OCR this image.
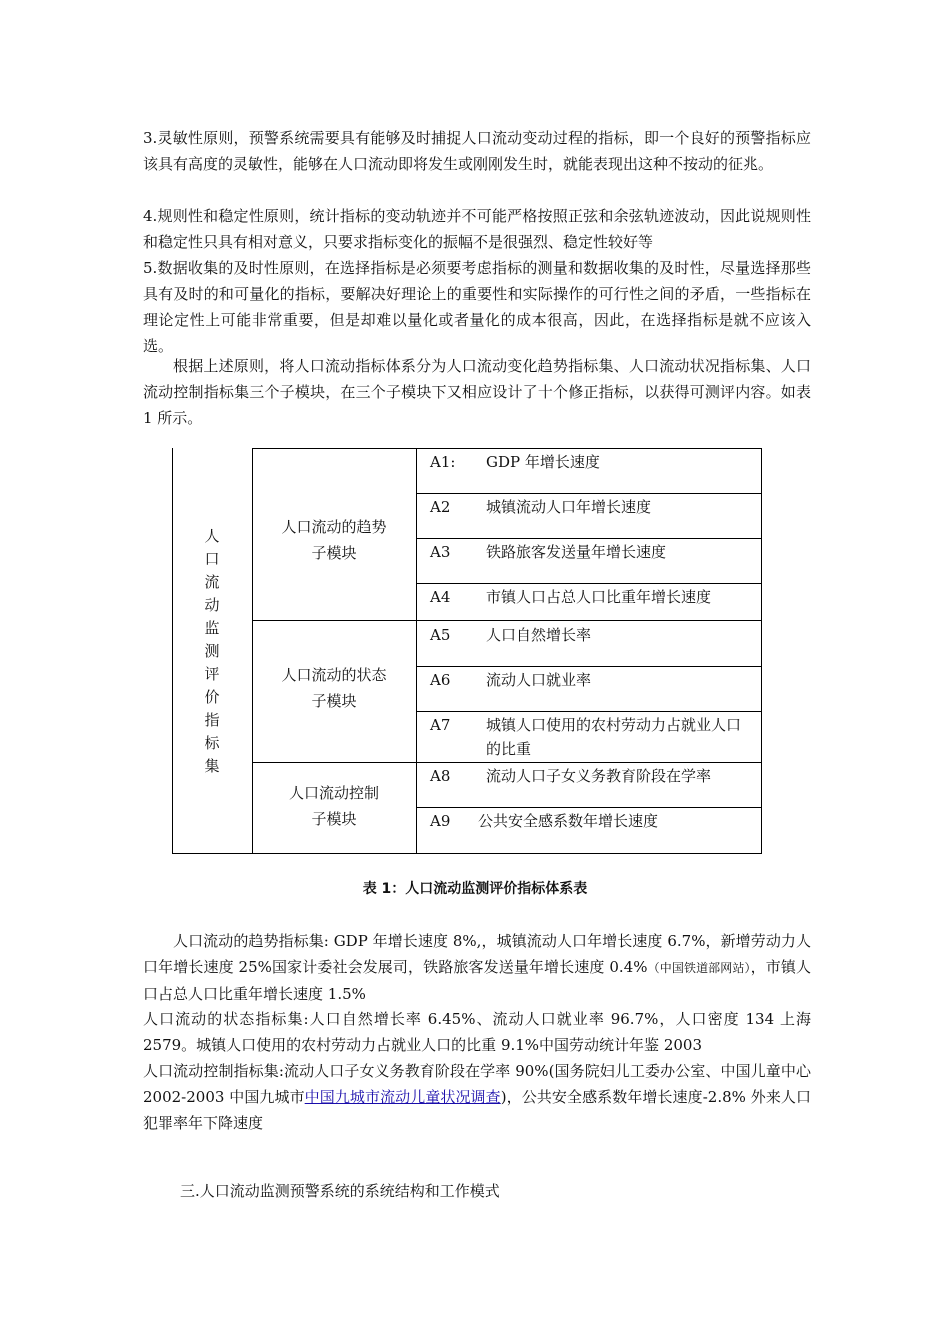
3.灵敏性原则，预警系统需要具有能够及时捕捉人口流动变动过程的指标，即一个良好的预警指标应该具有高度的灵敏性，能够在人口流动即将发生或刚刚发生时，就能表现出这种不按动的征兆。

4.规则性和稳定性原则，统计指标的变动轨迹并不可能严格按照正弦和余弦轨迹波动，因此说规则性和稳定性只具有相对意义，只要求指标变化的振幅不是很强烈、稳定性较好等

5.数据收集的及时性原则，在选择指标是必须要考虑指标的测量和数据收集的及时性，尽量选择那些具有及时的和可量化的指标，要解决好理论上的重要性和实际操作的可行性之间的矛盾，一些指标在理论定性上可能非常重要，但是却难以量化或者量化的成本很高，因此，在选择指标是就不应该入选。

根据上述原则，将人口流动指标体系分为人口流动变化趋势指标集、人口流动状况指标集、人口流动控制指标集三个子模块，在三个子模块下又相应设计了十个修正指标，以获得可测评内容。如表 1 所示。

人口流动监测评价指标集
人口流动的趋势
子模块
人口流动的状态
子模块
人口流动控制
子模块
A1: GDP 年增长速度
A2 城镇流动人口年增长速度
A3 铁路旅客发送量年增长速度
A4 市镇人口占总人口比重年增长速度
A5 人口自然增长率
A6 流动人口就业率
A7 城镇人口使用的农村劳动力占就业人口的比重
A8 流动人口子女义务教育阶段在学率
A9 公共安全感系数年增长速度
表 1：人口流动监测评价指标体系表

人口流动的趋势指标集: GDP 年增长速度 8%,，城镇流动人口年增长速度 6.7%，新增劳动力人口年增长速度 25%国家计委社会发展司，铁路旅客发送量年增长速度 0.4%（中国铁道部网站），市镇人口占总人口比重年增长速度 1.5%

人口流动的状态指标集:人口自然增长率 6.45%、流动人口就业率 96.7%，人口密度 134 上海 2579。城镇人口使用的农村劳动力占就业人口的比重 9.1%中国劳动统计年鉴 2003

人口流动控制指标集:流动人口子女义务教育阶段在学率 90%(国务院妇儿工委办公室、中国儿童中心 2002-2003 中国九城市中国九城市流动儿童状况调查)，公共安全感系数年增长速度-2.8% 外来人口犯罪率年下降速度

三.人口流动监测预警系统的系统结构和工作模式
